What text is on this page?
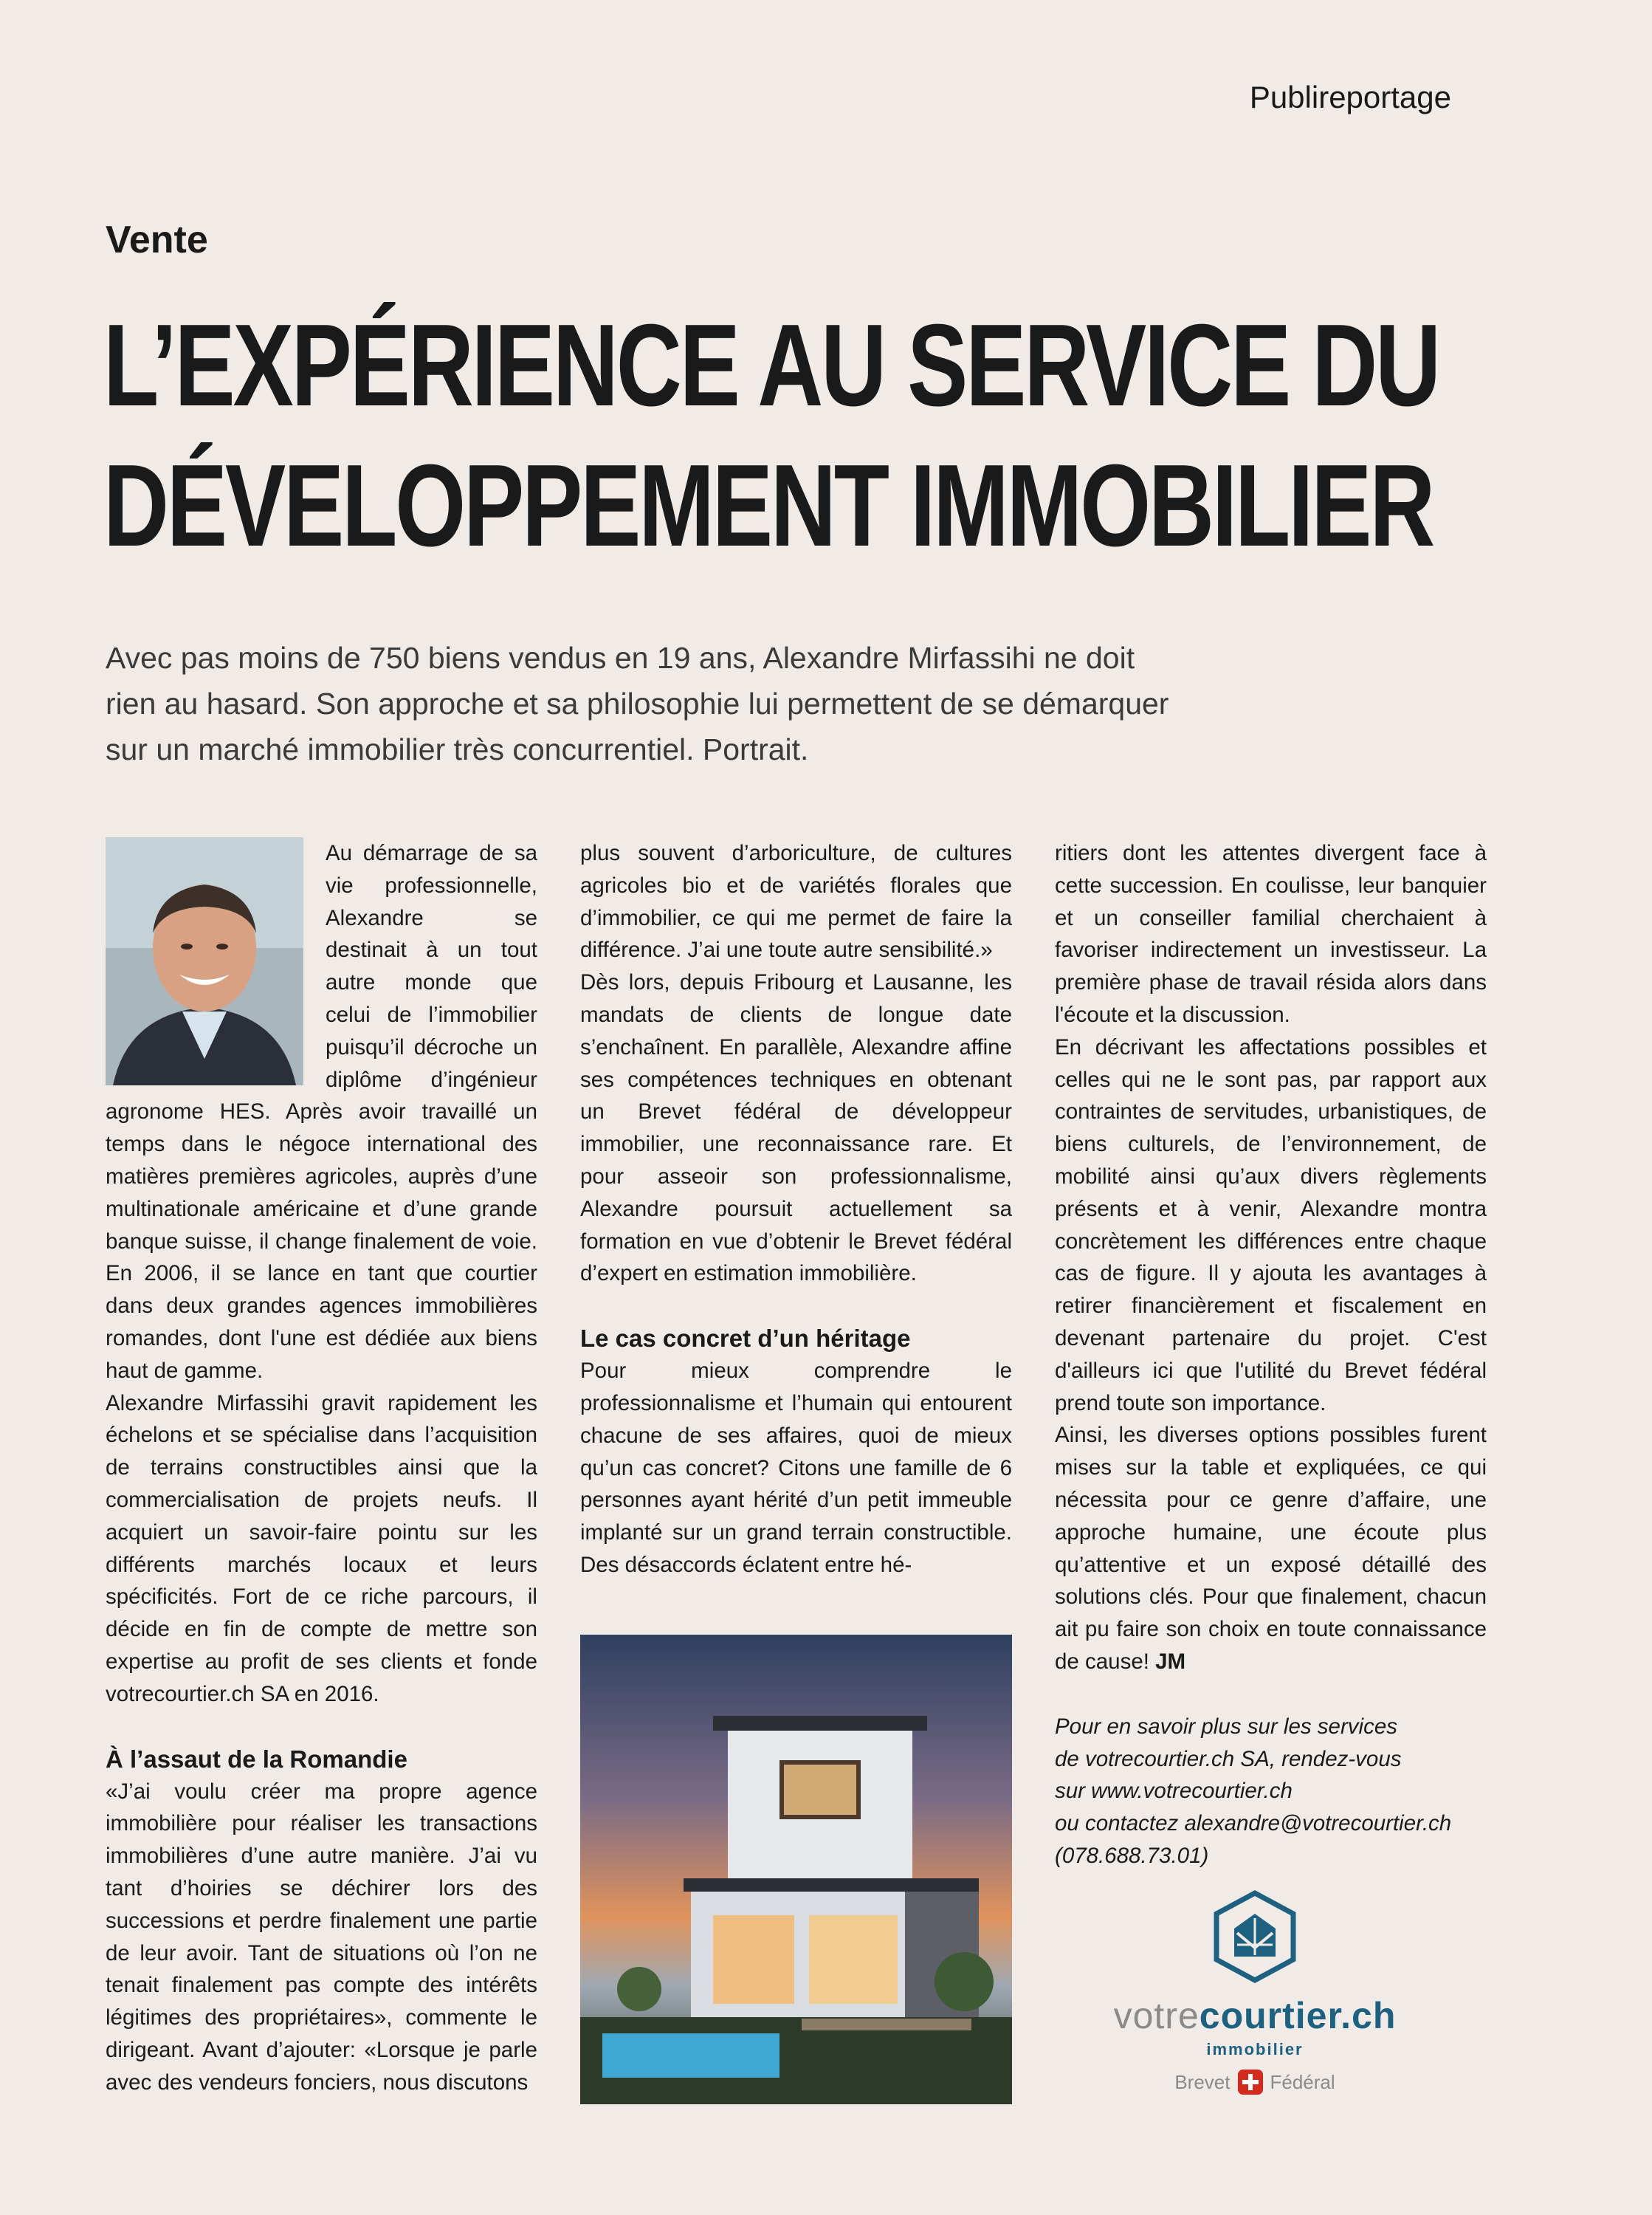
Publireportage
Vente
L’EXPÉRIENCE AU SERVICE DU
DÉVELOPPEMENT IMMOBILIER
Avec pas moins de 750 biens vendus en 19 ans, Alexandre Mirfassihi ne doit rien au hasard. Son approche et sa philosophie lui permettent de se démarquer sur un marché immobilier très concurrentiel. Portrait.

Au démarrage de sa vie professionnelle, Alexandre se destinait à un tout autre monde que celui de l’immobilier puisqu’il décroche un diplôme d’ingénieur agronome HES. Après avoir travaillé un temps dans le négoce international des matières premières agricoles, auprès d’une multinationale américaine et d’une grande banque suisse, il change finalement de voie. En 2006, il se lance en tant que courtier dans deux grandes agences immobilières romandes, dont l'une est dédiée aux biens haut de gamme.

Alexandre Mirfassihi gravit rapidement les échelons et se spécialise dans l’acquisition de terrains constructibles ainsi que la commercialisation de projets neufs. Il acquiert un savoir-faire pointu sur les différents marchés locaux et leurs spécificités. Fort de ce riche parcours, il décide en fin de compte de mettre son expertise au profit de ses clients et fonde votrecourtier.ch SA en 2016.

À l’assaut de la Romandie

«J’ai voulu créer ma propre agence immobilière pour réaliser les transactions immobilières d’une autre manière. J’ai vu tant d’hoiries se déchirer lors des successions et perdre finalement une partie de leur avoir. Tant de situations où l’on ne tenait finalement pas compte des intérêts légitimes des propriétaires», commente le dirigeant. Avant d’ajouter: «Lorsque je parle avec des vendeurs fonciers, nous discutons

plus souvent d’arboriculture, de cultures agricoles bio et de variétés florales que d’immobilier, ce qui me permet de faire la différence. J’ai une toute autre sensibilité.»

Dès lors, depuis Fribourg et Lausanne, les mandats de clients de longue date s’enchaînent. En parallèle, Alexandre affine ses compétences techniques en obtenant un Brevet fédéral de développeur immobilier, une reconnaissance rare. Et pour asseoir son professionnalisme, Alexandre poursuit actuellement sa formation en vue d’obtenir le Brevet fédéral d’expert en estimation immobilière.

Le cas concret d’un héritage

Pour mieux comprendre le professionnalisme et l’humain qui entourent chacune de ses affaires, quoi de mieux qu’un cas concret? Citons une famille de 6 personnes ayant hérité d’un petit immeuble implanté sur un grand terrain constructible. Des désaccords éclatent entre hé-

ritiers dont les attentes divergent face à cette succession. En coulisse, leur banquier et un conseiller familial cherchaient à favoriser indirectement un investisseur. La première phase de travail résida alors dans l'écoute et la discussion.

En décrivant les affectations possibles et celles qui ne le sont pas, par rapport aux contraintes de servitudes, urbanistiques, de biens culturels, de l’environnement, de mobilité ainsi qu’aux divers règlements présents et à venir, Alexandre montra concrètement les différences entre chaque cas de figure. Il y ajouta les avantages à retirer financièrement et fiscalement en devenant partenaire du projet. C'est d'ailleurs ici que l'utilité du Brevet fédéral prend toute son importance.

Ainsi, les diverses options possibles furent mises sur la table et expliquées, ce qui nécessita pour ce genre d’affaire, une approche humaine, une écoute plus qu’attentive et un exposé détaillé des solutions clés. Pour que finalement, chacun ait pu faire son choix en toute connaissance de cause! JM

Pour en savoir plus sur les services
de votrecourtier.ch SA, rendez-vous
sur www.votrecourtier.ch
ou contactez alexandre@votrecourtier.ch
(078.688.73.01)
votrecourtier.ch
immobilier
Brevet Fédéral
